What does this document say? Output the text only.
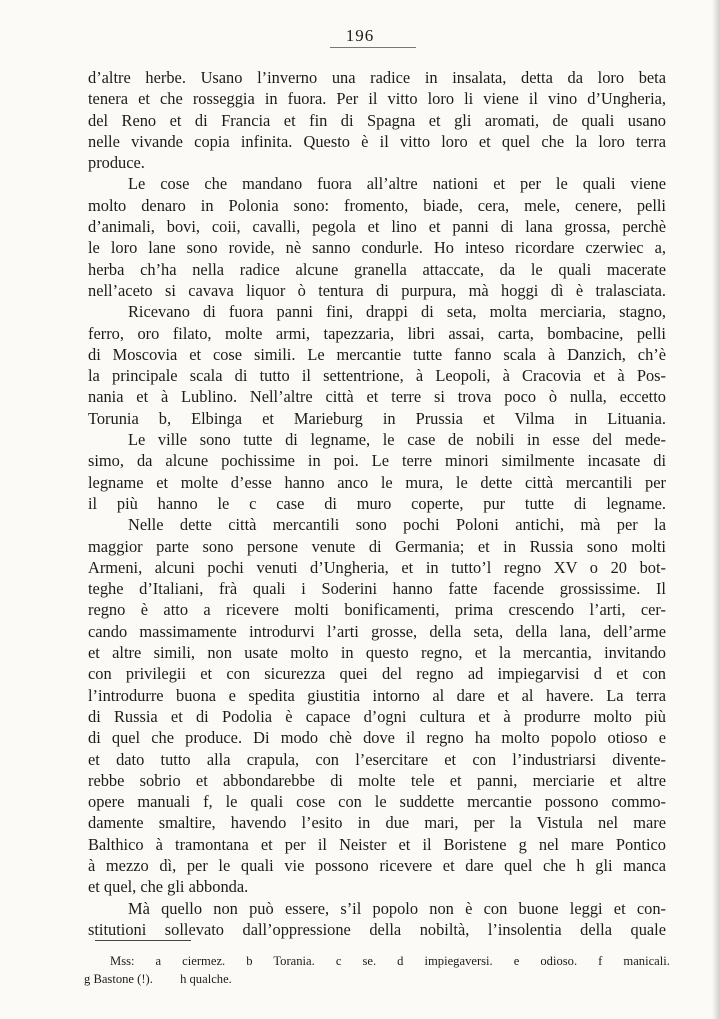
196
d’altre herbe. Usano l’inverno una radice in insalata, detta da loro beta
tenera et che rosseggia in fuora. Per il vitto loro li viene il vino d’Ungheria,
del Reno et di Francia et fin di Spagna et gli aromati, de quali usano
nelle vivande copia infinita. Questo è il vitto loro et quel che la loro terra
produce.
Le cose che mandano fuora all’altre nationi et per le quali viene
molto denaro in Polonia sono: fromento, biade, cera, mele, cenere, pelli
d’animali, bovi, coii, cavalli, pegola et lino et panni di lana grossa, perchè
le loro lane sono rovide, nè sanno condurle. Ho inteso ricordare czerwiec a,
herba ch’ha nella radice alcune granella attaccate, da le quali macerate
nell’aceto si cavava liquor ò tentura di purpura, mà hoggi dì è tralasciata.
Ricevano di fuora panni fini, drappi di seta, molta merciaria, stagno,
ferro, oro filato, molte armi, tapezzaria, libri assai, carta, bombacine, pelli
di Moscovia et cose simili. Le mercantie tutte fanno scala à Danzich, ch’è
la principale scala di tutto il settentrione, à Leopoli, à Cracovia et à Pos-
nania et à Lublino. Nell’altre città et terre si trova poco ò nulla, eccetto
Torunia b, Elbinga et Marieburg in Prussia et Vilma in Lituania.
Le ville sono tutte di legname, le case de nobili in esse del mede-
simo, da alcune pochissime in poi. Le terre minori similmente incasate di
legname et molte d’esse hanno anco le mura, le dette città mercantili per
il più hanno le c case di muro coperte, pur tutte di legname.
Nelle dette città mercantili sono pochi Poloni antichi, mà per la
maggior parte sono persone venute di Germania; et in Russia sono molti
Armeni, alcuni pochi venuti d’Ungheria, et in tutto’l regno XV o 20 bot-
teghe d’Italiani, frà quali i Soderini hanno fatte facende grossissime. Il
regno è atto a ricevere molti bonificamenti, prima crescendo l’arti, cer-
cando massimamente introdurvi l’arti grosse, della seta, della lana, dell’arme
et altre simili, non usate molto in questo regno, et la mercantia, invitando
con privilegii et con sicurezza quei del regno ad impiegarvisi d et con
l’introdurre buona e spedita giustitia intorno al dare et al havere. La terra
di Russia et di Podolia è capace d’ogni cultura et à produrre molto più
di quel che produce. Di modo chè dove il regno ha molto popolo otioso e
et dato tutto alla crapula, con l’esercitare et con l’industriarsi divente-
rebbe sobrio et abbondarebbe di molte tele et panni, merciarie et altre
opere manuali f, le quali cose con le suddette mercantie possono commo-
damente smaltire, havendo l’esito in due mari, per la Vistula nel mare
Balthico à tramontana et per il Neister et il Boristene g nel mare Pontico
à mezzo dì, per le quali vie possono ricevere et dare quel che h gli manca
et quel, che gli abbonda.
Mà quello non può essere, s’il popolo non è con buone leggi et con-
stitutioni sollevato dall’oppressione della nobiltà, l’insolentia della quale
Mss: a ciermez. b Torania. c se. d impiegaversi. e odioso. f manicali.
g Bastone (!). h qualche.
